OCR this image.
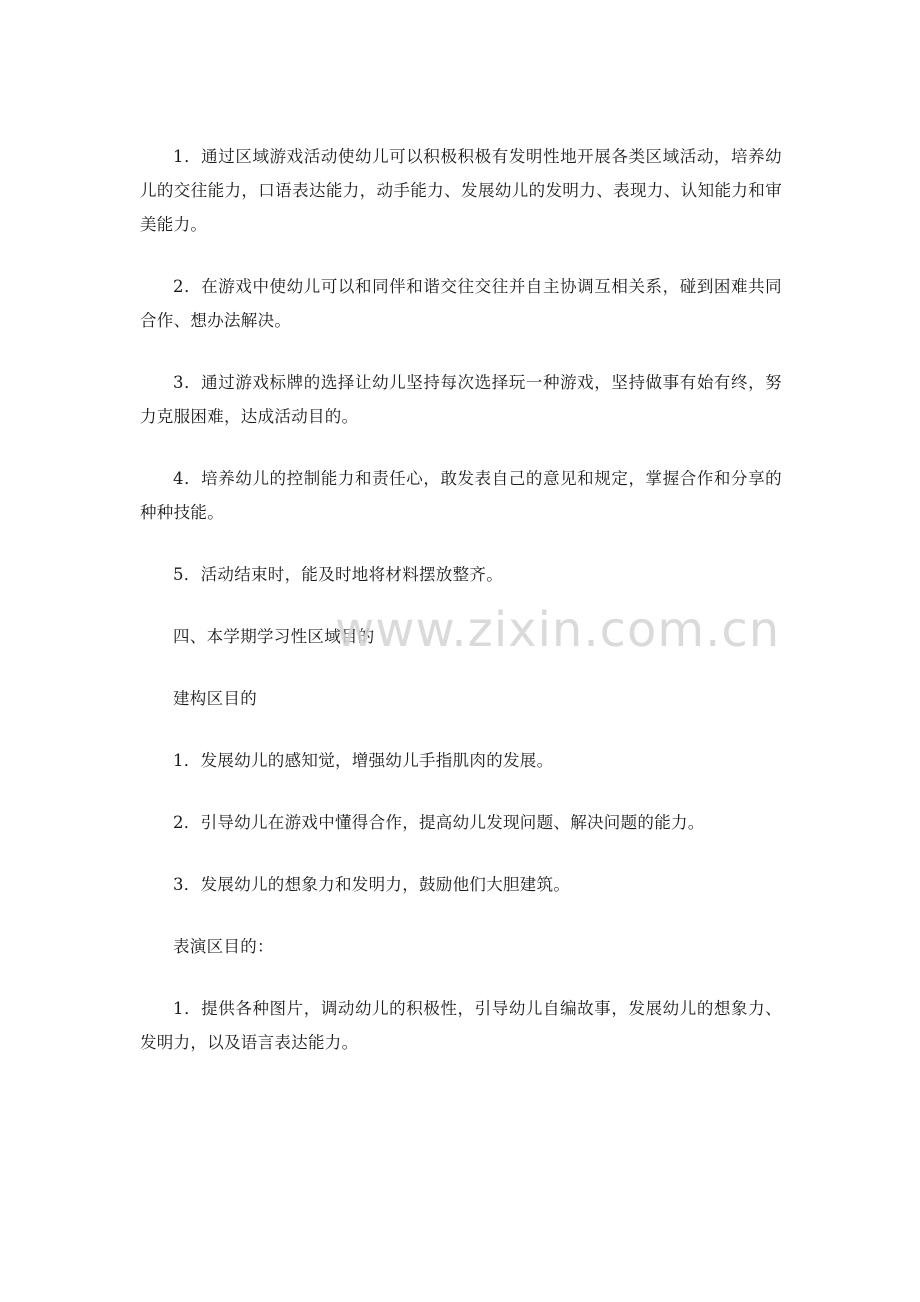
1．通过区域游戏活动使幼儿可以积极积极有发明性地开展各类区域活动，培养幼儿的交往能力，口语表达能力，动手能力、发展幼儿的发明力、表现力、认知能力和审美能力。

2．在游戏中使幼儿可以和同伴和谐交往交往并自主协调互相关系，碰到困难共同合作、想办法解决。

3．通过游戏标牌的选择让幼儿坚持每次选择玩一种游戏，坚持做事有始有终，努力克服困难，达成活动目的。

4．培养幼儿的控制能力和责任心，敢发表自己的意见和规定，掌握合作和分享的种种技能。

5．活动结束时，能及时地将材料摆放整齐。

四、本学期学习性区域目的

建构区目的

1．发展幼儿的感知觉，增强幼儿手指肌肉的发展。

2．引导幼儿在游戏中懂得合作，提高幼儿发现问题、解决问题的能力。

3．发展幼儿的想象力和发明力，鼓励他们大胆建筑。

表演区目的：

1．提供各种图片，调动幼儿的积极性，引导幼儿自编故事，发展幼儿的想象力、发明力，以及语言表达能力。

www.zixin.com.cn
